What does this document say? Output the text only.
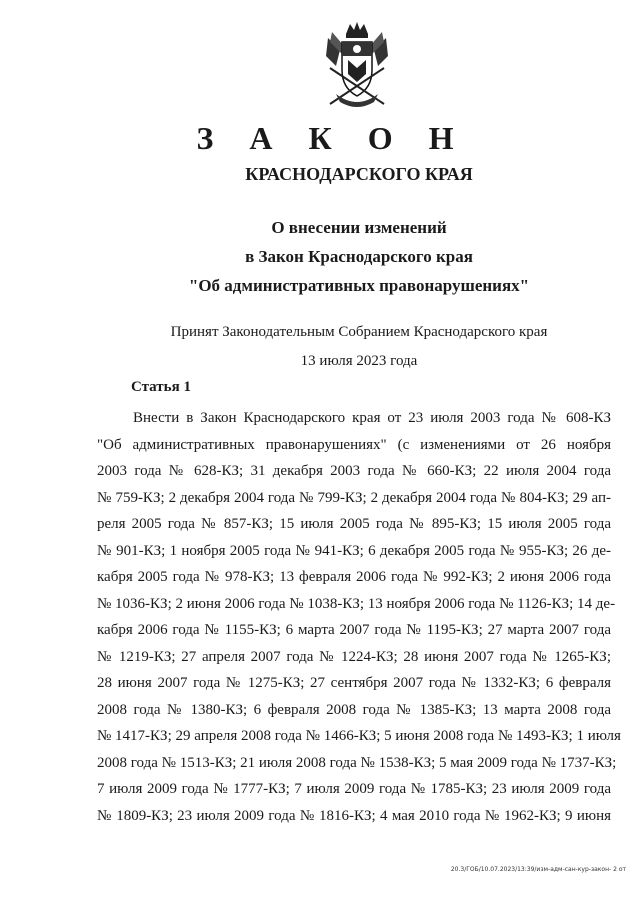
З А К О Н
КРАСНОДАРСКОГО КРАЯ
О внесении изменений
в Закон Краснодарского края
"Об административных правонарушениях"
Принят Законодательным Собранием Краснодарского края
13 июля 2023 года
Статья 1
Внести в Закон Краснодарского края от 23 июля 2003 года № 608-КЗ
"Об административных правонарушениях" (с изменениями от 26 ноября
2003 года № 628-КЗ; 31 декабря 2003 года № 660-КЗ; 22 июля 2004 года
№ 759-КЗ; 2 декабря 2004 года № 799-КЗ; 2 декабря 2004 года № 804-КЗ; 29 ап-
реля 2005 года № 857-КЗ; 15 июля 2005 года № 895-КЗ; 15 июля 2005 года
№ 901-КЗ; 1 ноября 2005 года № 941-КЗ; 6 декабря 2005 года № 955-КЗ; 26 де-
кабря 2005 года № 978-КЗ; 13 февраля 2006 года № 992-КЗ; 2 июня 2006 года
№ 1036-КЗ; 2 июня 2006 года № 1038-КЗ; 13 ноября 2006 года № 1126-КЗ; 14 де-
кабря 2006 года № 1155-КЗ; 6 марта 2007 года № 1195-КЗ; 27 марта 2007 года
№ 1219-КЗ; 27 апреля 2007 года № 1224-КЗ; 28 июня 2007 года № 1265-КЗ;
28 июня 2007 года № 1275-КЗ; 27 сентября 2007 года № 1332-КЗ; 6 февраля
2008 года № 1380-КЗ; 6 февраля 2008 года № 1385-КЗ; 13 марта 2008 года
№ 1417-КЗ; 29 апреля 2008 года № 1466-КЗ; 5 июня 2008 года № 1493-КЗ; 1 июля
2008 года № 1513-КЗ; 21 июля 2008 года № 1538-КЗ; 5 мая 2009 года № 1737-КЗ;
7 июля 2009 года № 1777-КЗ; 7 июля 2009 года № 1785-КЗ; 23 июля 2009 года
№ 1809-КЗ; 23 июля 2009 года № 1816-КЗ; 4 мая 2010 года № 1962-КЗ; 9 июня
20.3/ГОБ/10.07.2023/13:39/изм-адм-сан-кур-закон- 2 от
